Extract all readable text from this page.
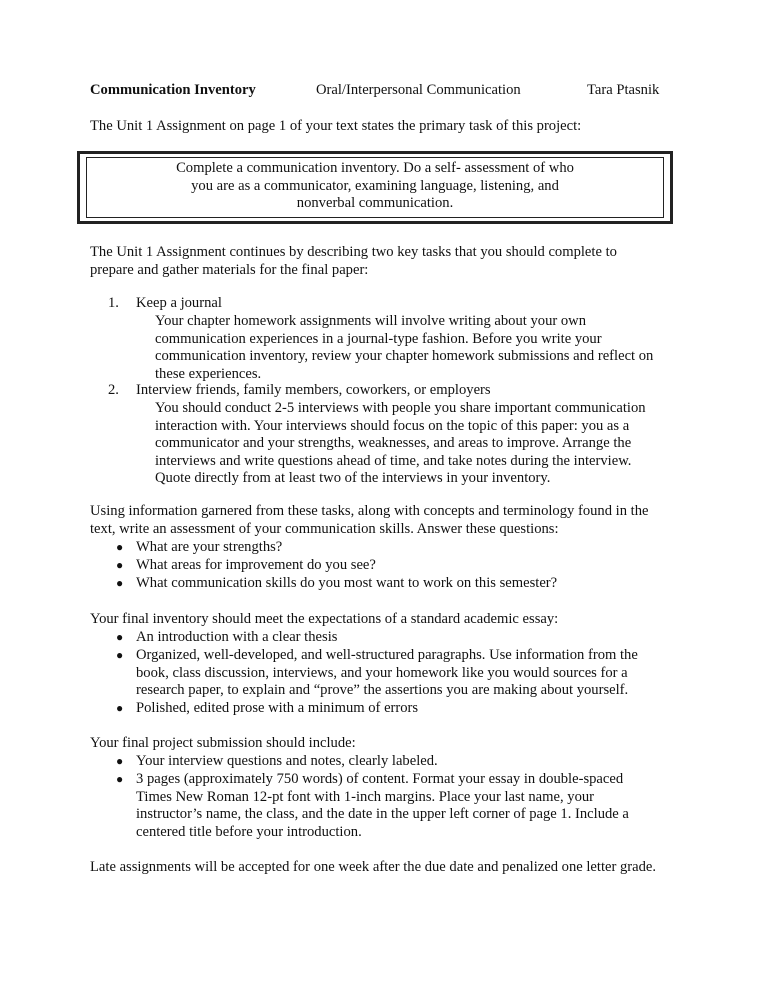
Communication Inventory	Oral/Interpersonal Communication	Tara Ptasnik
The Unit 1 Assignment on page 1 of your text states the primary task of this project:
Complete a communication inventory. Do a self- assessment of who
you are as a communicator, examining language, listening, and
nonverbal communication.
The Unit 1 Assignment continues by describing two key tasks that you should complete to
prepare and gather materials for the final paper:
1. Keep a journal
Your chapter homework assignments will involve writing about your own
communication experiences in a journal-type fashion. Before you write your
communication inventory, review your chapter homework submissions and reflect on
these experiences.
2. Interview friends, family members, coworkers, or employers
You should conduct 2-5 interviews with people you share important communication
interaction with. Your interviews should focus on the topic of this paper: you as a
communicator and your strengths, weaknesses, and areas to improve. Arrange the
interviews and write questions ahead of time, and take notes during the interview.
Quote directly from at least two of the interviews in your inventory.
Using information garnered from these tasks, along with concepts and terminology found in the
text, write an assessment of your communication skills. Answer these questions:
● What are your strengths?
● What areas for improvement do you see?
● What communication skills do you most want to work on this semester?
Your final inventory should meet the expectations of a standard academic essay:
● An introduction with a clear thesis
● Organized, well-developed, and well-structured paragraphs. Use information from the
book, class discussion, interviews, and your homework like you would sources for a
research paper, to explain and “prove” the assertions you are making about yourself.
● Polished, edited prose with a minimum of errors
Your final project submission should include:
● Your interview questions and notes, clearly labeled.
● 3 pages (approximately 750 words) of content. Format your essay in double-spaced
Times New Roman 12-pt font with 1-inch margins. Place your last name, your
instructor’s name, the class, and the date in the upper left corner of page 1. Include a
centered title before your introduction.
Late assignments will be accepted for one week after the due date and penalized one letter grade.
